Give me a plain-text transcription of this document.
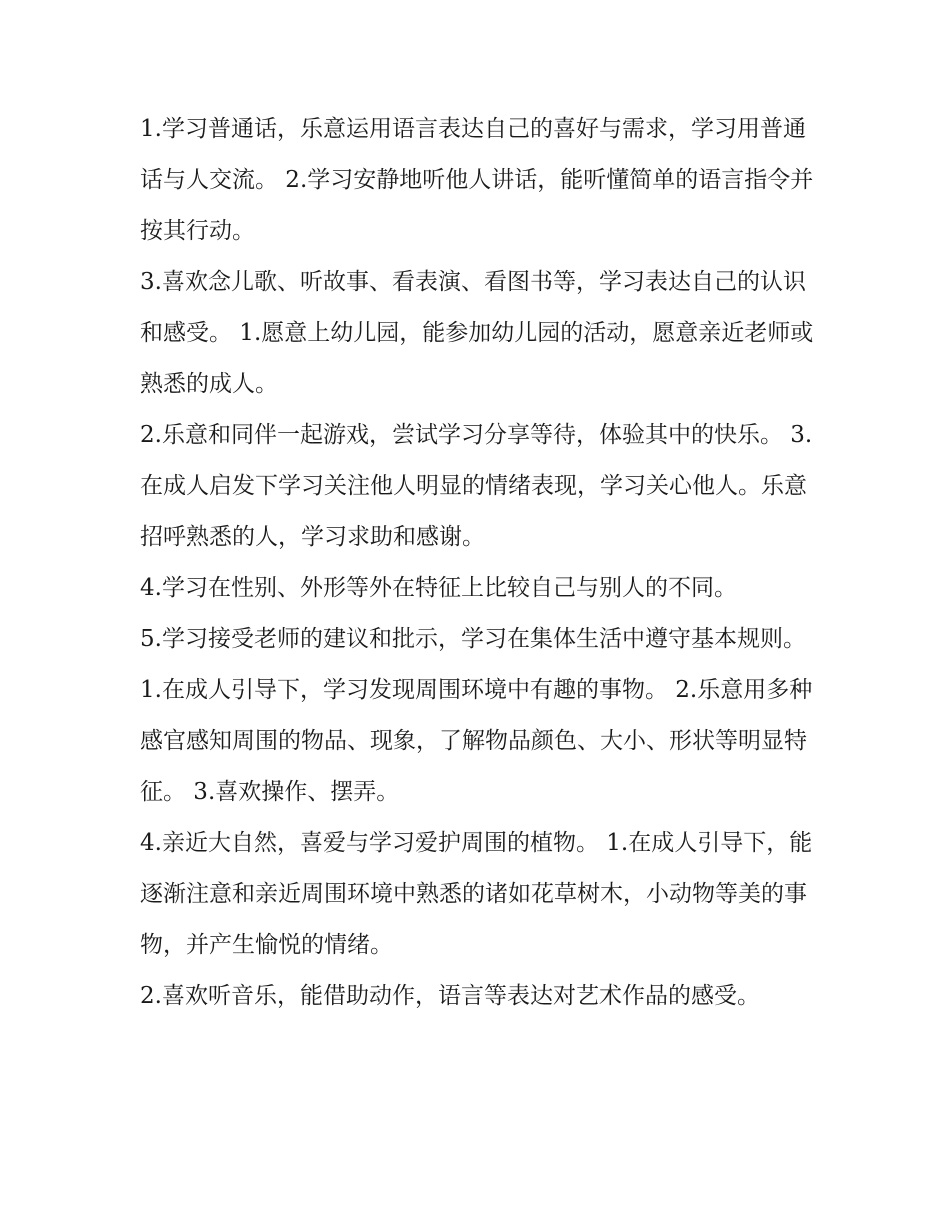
1.学习普通话，乐意运用语言表达自己的喜好与需求，学习用普通话与人交流。 2.学习安静地听他人讲话，能听懂简单的语言指令并按其行动。

3.喜欢念儿歌、听故事、看表演、看图书等，学习表达自己的认识和感受。 1.愿意上幼儿园，能参加幼儿园的活动，愿意亲近老师或熟悉的成人。

2.乐意和同伴一起游戏，尝试学习分享等待，体验其中的快乐。 3.在成人启发下学习关注他人明显的情绪表现，学习关心他人。乐意招呼熟悉的人，学习求助和感谢。

4.学习在性别、外形等外在特征上比较自己与别人的不同。

5.学习接受老师的建议和批示，学习在集体生活中遵守基本规则。

1.在成人引导下，学习发现周围环境中有趣的事物。 2.乐意用多种感官感知周围的物品、现象，了解物品颜色、大小、形状等明显特征。 3.喜欢操作、摆弄。

4.亲近大自然，喜爱与学习爱护周围的植物。 1.在成人引导下，能逐渐注意和亲近周围环境中熟悉的诸如花草树木，小动物等美的事物，并产生愉悦的情绪。

2.喜欢听音乐，能借助动作，语言等表达对艺术作品的感受。
